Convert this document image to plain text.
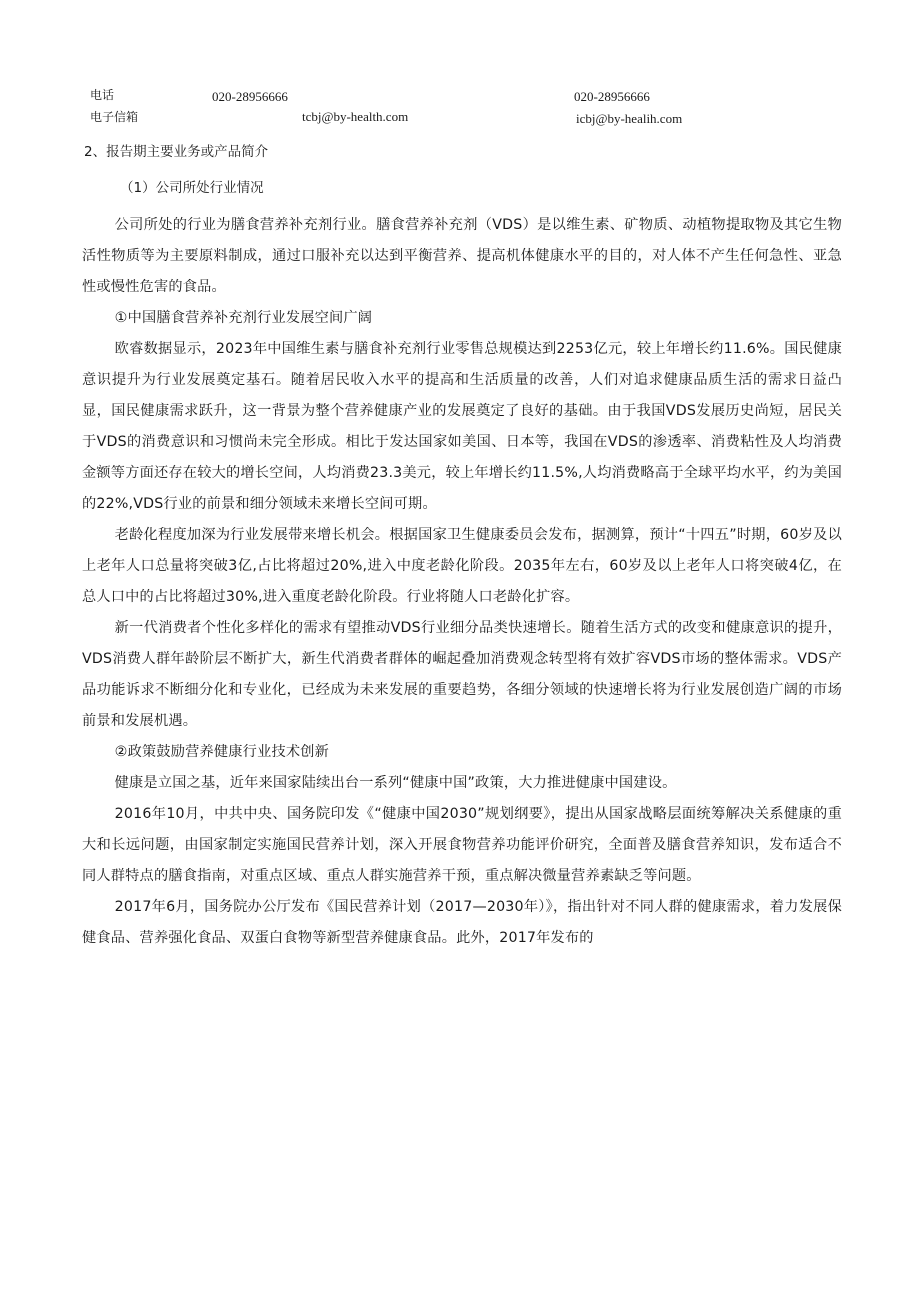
电话	020-28956666	020-28956666
电子信箱	tcbj@by-health.com	icbj@by-healih.com
2、报告期主要业务或产品简介
（1）公司所处行业情况

公司所处的行业为膳食营养补充剂行业。膳食营养补充剂（VDS）是以维生素、矿物质、动植物提取物及其它生物活性物质等为主要原料制成，通过口服补充以达到平衡营养、提高机体健康水平的目的，对人体不产生任何急性、亚急性或慢性危害的食品。

①中国膳食营养补充剂行业发展空间广阔

欧睿数据显示，2023年中国维生素与膳食补充剂行业零售总规模达到2253亿元，较上年增长约11.6%。国民健康意识提升为行业发展奠定基石。随着居民收入水平的提高和生活质量的改善，人们对追求健康品质生活的需求日益凸显，国民健康需求跃升，这一背景为整个营养健康产业的发展奠定了良好的基础。由于我国VDS发展历史尚短，居民关于VDS的消费意识和习惯尚未完全形成。相比于发达国家如美国、日本等，我国在VDS的渗透率、消费粘性及人均消费金额等方面还存在较大的增长空间，人均消费23.3美元，较上年增长约11.5%,人均消费略高于全球平均水平，约为美国的22%,VDS行业的前景和细分领域未来增长空间可期。

老龄化程度加深为行业发展带来增长机会。根据国家卫生健康委员会发布，据测算，预计“十四五”时期，60岁及以上老年人口总量将突破3亿,占比将超过20%,进入中度老龄化阶段。2035年左右，60岁及以上老年人口将突破4亿，在总人口中的占比将超过30%,进入重度老龄化阶段。行业将随人口老龄化扩容。

新一代消费者个性化多样化的需求有望推动VDS行业细分品类快速增长。随着生活方式的改变和健康意识的提升，VDS消费人群年龄阶层不断扩大，新生代消费者群体的崛起叠加消费观念转型将有效扩容VDS市场的整体需求。VDS产品功能诉求不断细分化和专业化，已经成为未来发展的重要趋势，各细分领域的快速增长将为行业发展创造广阔的市场前景和发展机遇。

②政策鼓励营养健康行业技术创新

健康是立国之基，近年来国家陆续出台一系列“健康中国”政策，大力推进健康中国建设。

2016年10月，中共中央、国务院印发《“健康中国2030”规划纲要》，提出从国家战略层面统筹解决关系健康的重大和长远问题，由国家制定实施国民营养计划，深入开展食物营养功能评价研究，全面普及膳食营养知识，发布适合不同人群特点的膳食指南，对重点区域、重点人群实施营养干预，重点解决微量营养素缺乏等问题。

2017年6月，国务院办公厅发布《国民营养计划（2017—2030年）》，指出针对不同人群的健康需求，着力发展保健食品、营养强化食品、双蛋白食物等新型营养健康食品。此外，2017年发布的
